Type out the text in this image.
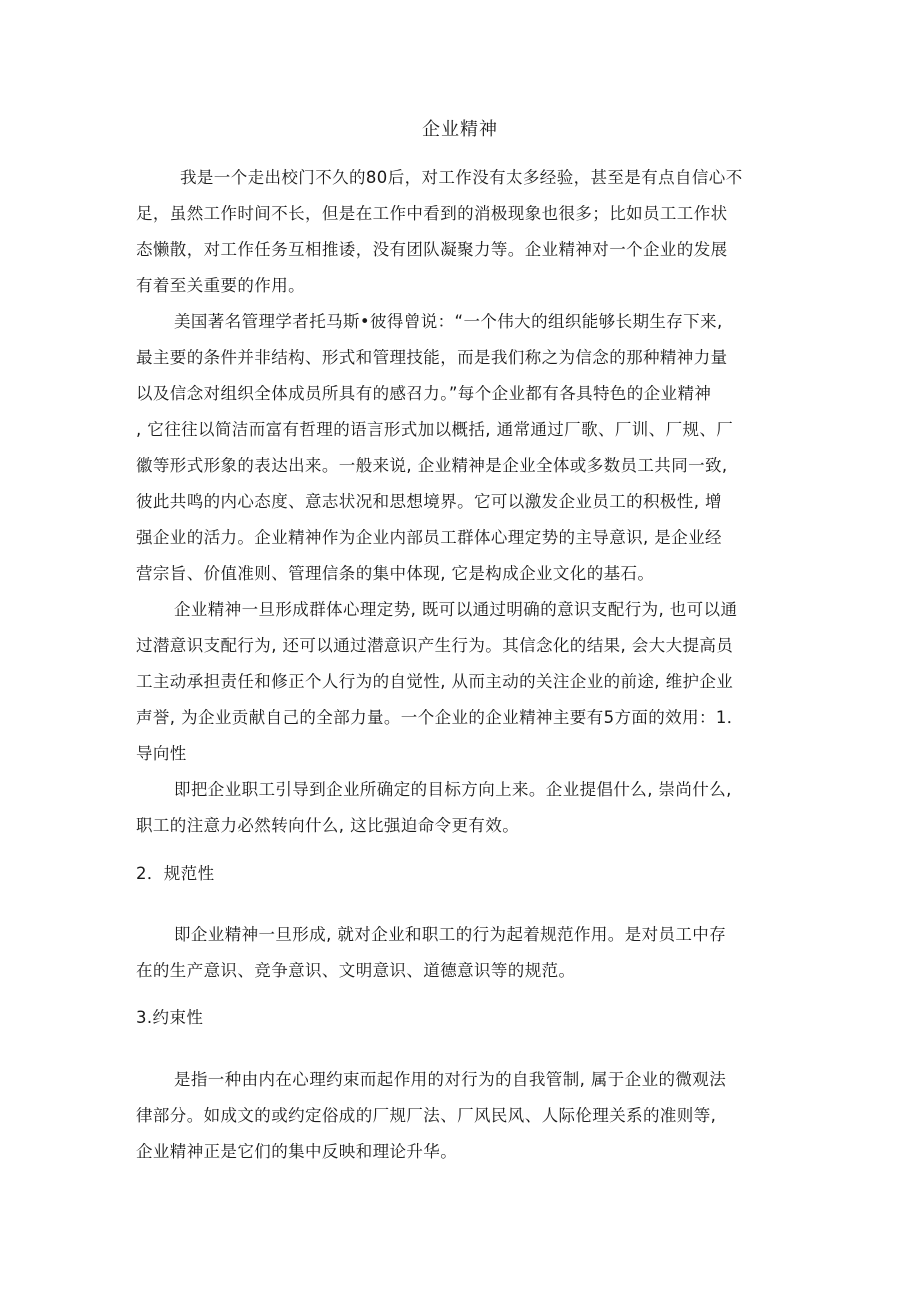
企业精神
我是一个走出校门不久的80后，对工作没有太多经验，甚至是有点自信心不
足，虽然工作时间不长，但是在工作中看到的消极现象也很多；比如员工工作状
态懒散，对工作任务互相推诿，没有团队凝聚力等。企业精神对一个企业的发展
有着至关重要的作用。
美国著名管理学者托马斯•彼得曾说：“一个伟大的组织能够长期生存下来,
最主要的条件并非结构、形式和管理技能，而是我们称之为信念的那种精神力量
以及信念对组织全体成员所具有的感召力。”每个企业都有各具特色的企业精神
, 它往往以简洁而富有哲理的语言形式加以概括, 通常通过厂歌、厂训、厂规、厂
徽等形式形象的表达出来。一般来说, 企业精神是企业全体或多数员工共同一致,
彼此共鸣的内心态度、意志状况和思想境界。它可以激发企业员工的积极性, 增
强企业的活力。企业精神作为企业内部员工群体心理定势的主导意识, 是企业经
营宗旨、价值准则、管理信条的集中体现, 它是构成企业文化的基石。
企业精神一旦形成群体心理定势, 既可以通过明确的意识支配行为, 也可以通
过潜意识支配行为, 还可以通过潜意识产生行为。其信念化的结果, 会大大提高员
工主动承担责任和修正个人行为的自觉性, 从而主动的关注企业的前途, 维护企业
声誉, 为企业贡献自己的全部力量。一个企业的企业精神主要有5方面的效用：1．
导向性
即把企业职工引导到企业所确定的目标方向上来。企业提倡什么, 崇尚什么,
职工的注意力必然转向什么, 这比强迫命令更有效。
2．规范性
即企业精神一旦形成, 就对企业和职工的行为起着规范作用。是对员工中存
在的生产意识、竞争意识、文明意识、道德意识等的规范。
3.约束性
是指一种由内在心理约束而起作用的对行为的自我管制, 属于企业的微观法
律部分。如成文的或约定俗成的厂规厂法、厂风民风、人际伦理关系的准则等,
企业精神正是它们的集中反映和理论升华。
